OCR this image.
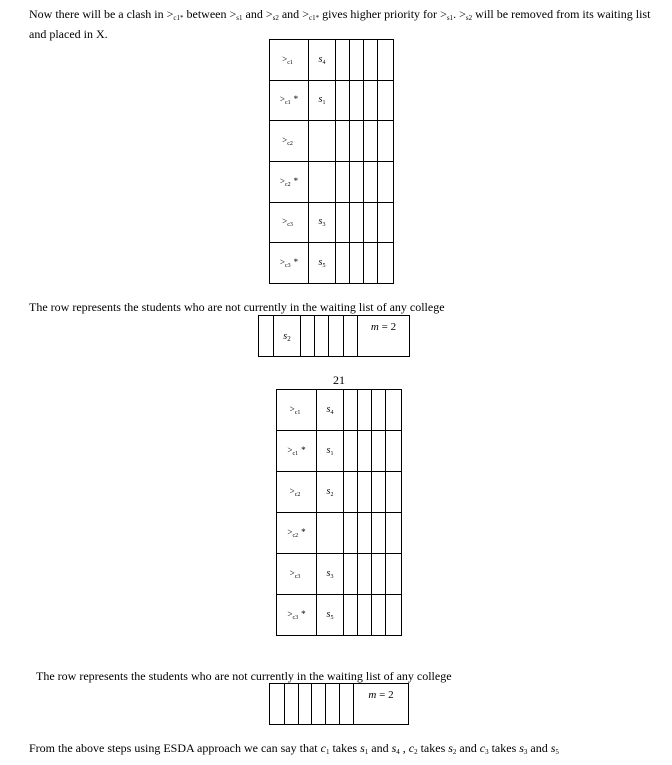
Now there will be a clash in $>_{c1*}$ between $>_{s1}$ and $>_{s2}$ and $>_{c1*}$ gives higher priority for $>_{s1}$. $>_{s2}$ will be removed from its waiting list
and placed in X.
$>_{c1}$	$s_4$				
$>_{c1}$ *	$s_1$				
$>_{c2}$					
$>_{c2}$ *					
$>_{c3}$	$s_3$				
$>_{c3}$ *	$s_5$				
The row represents the students who are not currently in the waiting list of any college
	$s_2$					m = 2
21
$>_{c1}$	$s_4$				
$>_{c1}$ *	$s_1$				
$>_{c2}$	$s_2$				
$>_{c2}$ *					
$>_{c3}$	$s_3$				
$>_{c3}$ *	$s_5$				
The row represents the students who are not currently in the waiting list of any college
						m = 2
From the above steps using ESDA approach we can say that $c_1$ takes $s_1$ and $s_4$ , $c_2$ takes $s_2$ and $c_3$ takes $s_3$ and $s_5$
